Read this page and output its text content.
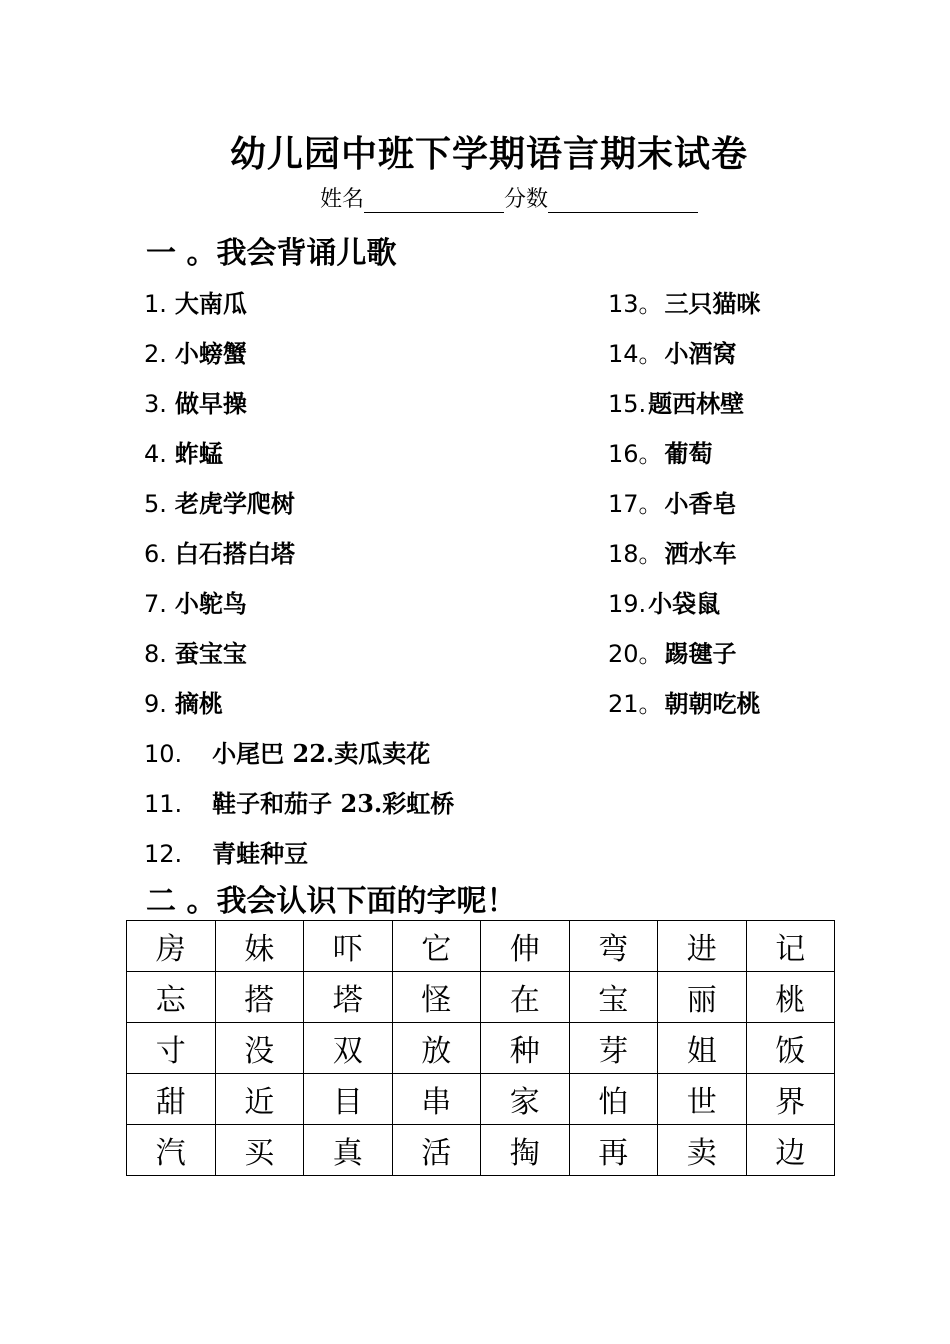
幼儿园中班下学期语言期末试卷
姓名	分数
一 。我会背诵儿歌
1. 大南瓜
2. 小螃蟹
3. 做早操
4. 蚱蜢
5. 老虎学爬树
6. 白石搭白塔
7. 小鸵鸟
8. 蚕宝宝
9. 摘桃
10. 小尾巴 22.卖瓜卖花
11. 鞋子和茄子 23.彩虹桥
12. 青蛙种豆
13。三只猫咪
14。小酒窝
15.题西林壁
16。葡萄
17。小香皂
18。洒水车
19.小袋鼠
20。踢毽子
21。朝朝吃桃
二 。我会认识下面的字呢！
房	妹	吓	它	伸	弯	进	记
忘	搭	塔	怪	在	宝	丽	桃
寸	没	双	放	种	芽	姐	饭
甜	近	目	串	家	怕	世	界
汽	买	真	活	掏	再	卖	边
